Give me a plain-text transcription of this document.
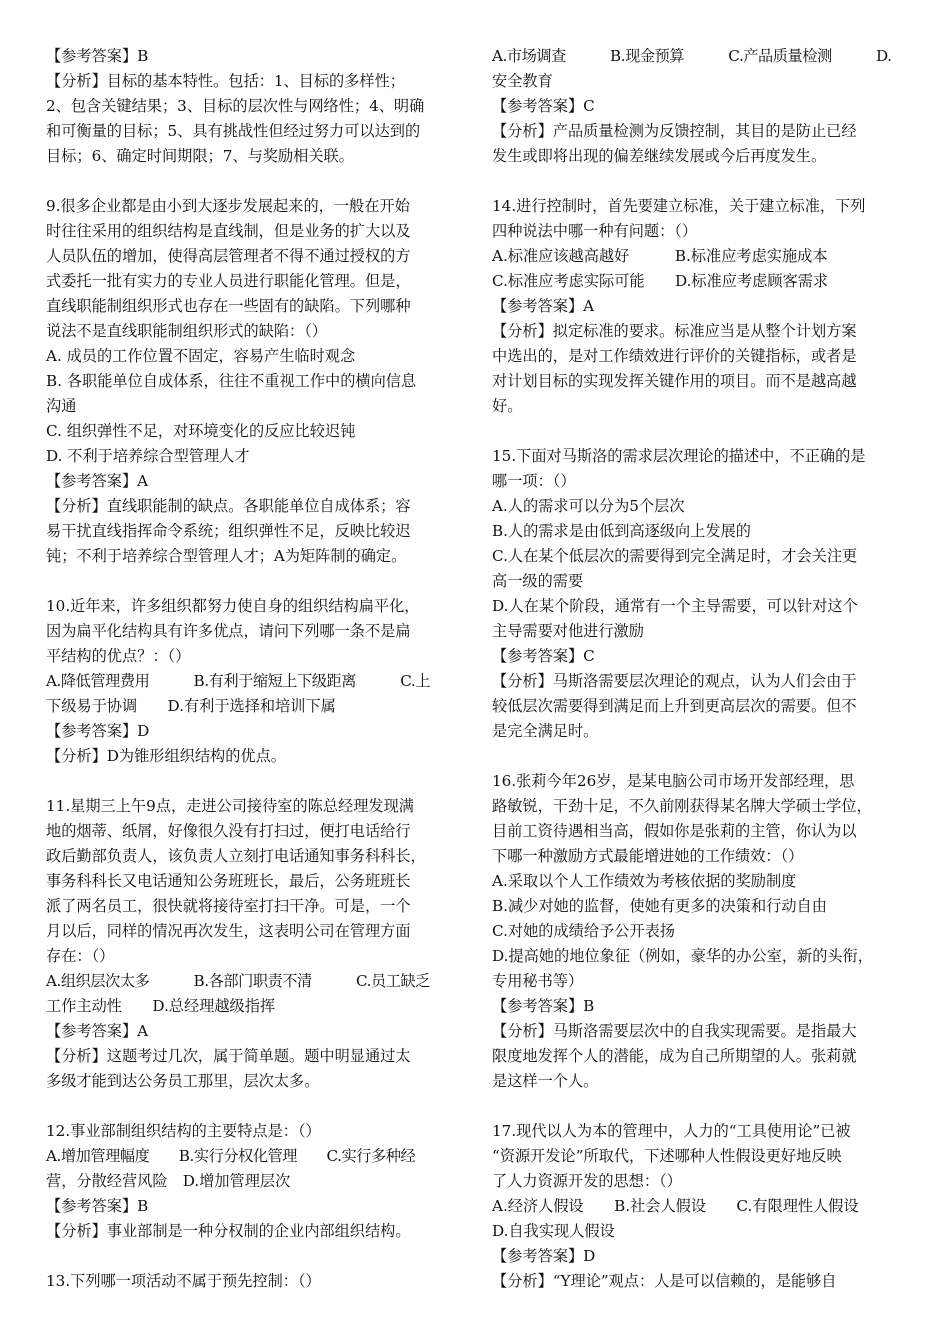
【参考答案】B
【分析】目标的基本特性。包括：1、目标的多样性；
2、包含关键结果；3、目标的层次性与网络性；4、明确
和可衡量的目标；5、具有挑战性但经过努力可以达到的
目标；6、确定时间期限；7、与奖励相关联。
9.很多企业都是由小到大逐步发展起来的，一般在开始
时往往采用的组织结构是直线制，但是业务的扩大以及
人员队伍的增加，使得高层管理者不得不通过授权的方
式委托一批有实力的专业人员进行职能化管理。但是，
直线职能制组织形式也存在一些固有的缺陷。下列哪种
说法不是直线职能制组织形式的缺陷：（）
A. 成员的工作位置不固定，容易产生临时观念
B. 各职能单位自成体系，往往不重视工作中的横向信息
沟通
C. 组织弹性不足，对环境变化的反应比较迟钝
D. 不利于培养综合型管理人才
【参考答案】A
【分析】直线职能制的缺点。各职能单位自成体系；容
易干扰直线指挥命令系统；组织弹性不足，反映比较迟
钝；不利于培养综合型管理人才；A为矩阵制的确定。
10.近年来，许多组织都努力使自身的组织结构扁平化，
因为扁平化结构具有许多优点，请问下列哪一条不是扁
平结构的优点？：（）
A.降低管理费用　　　B.有利于缩短上下级距离　　　C.上
下级易于协调　　D.有利于选择和培训下属
【参考答案】D
【分析】D为锥形组织结构的优点。
11.星期三上午9点，走进公司接待室的陈总经理发现满
地的烟蒂、纸屑，好像很久没有打扫过，便打电话给行
政后勤部负责人，该负责人立刻打电话通知事务科科长，
事务科科长又电话通知公务班班长，最后，公务班班长
派了两名员工，很快就将接待室打扫干净。可是，一个
月以后，同样的情况再次发生，这表明公司在管理方面
存在：（）
A.组织层次太多　　　B.各部门职责不清　　　C.员工缺乏
工作主动性　　D.总经理越级指挥
【参考答案】A
【分析】这题考过几次，属于简单题。题中明显通过太
多级才能到达公务员工那里，层次太多。
12.事业部制组织结构的主要特点是：（）
A.增加管理幅度　　B.实行分权化管理　　C.实行多种经
营，分散经营风险　D.增加管理层次
【参考答案】B
【分析】事业部制是一种分权制的企业内部组织结构。
13.下列哪一项活动不属于预先控制：（）
A.市场调查　　　B.现金预算　　　C.产品质量检测　　　D.
安全教育
【参考答案】C
【分析】产品质量检测为反馈控制，其目的是防止已经
发生或即将出现的偏差继续发展或今后再度发生。
14.进行控制时，首先要建立标准，关于建立标准，下列
四种说法中哪一种有问题：（）
A.标准应该越高越好　　　B.标准应考虑实施成本
C.标准应考虑实际可能　　D.标准应考虑顾客需求
【参考答案】A
【分析】拟定标准的要求。标准应当是从整个计划方案
中选出的，是对工作绩效进行评价的关键指标，或者是
对计划目标的实现发挥关键作用的项目。而不是越高越
好。
15.下面对马斯洛的需求层次理论的描述中，不正确的是
哪一项：（）
A.人的需求可以分为5个层次
B.人的需求是由低到高逐级向上发展的
C.人在某个低层次的需要得到完全满足时，才会关注更
高一级的需要
D.人在某个阶段，通常有一个主导需要，可以针对这个
主导需要对他进行激励
【参考答案】C
【分析】马斯洛需要层次理论的观点，认为人们会由于
较低层次需要得到满足而上升到更高层次的需要。但不
是完全满足时。
16.张莉今年26岁，是某电脑公司市场开发部经理，思
路敏锐，干劲十足，不久前刚获得某名牌大学硕士学位，
目前工资待遇相当高，假如你是张莉的主管，你认为以
下哪一种激励方式最能增进她的工作绩效：（）
A.采取以个人工作绩效为考核依据的奖励制度
B.减少对她的监督，使她有更多的决策和行动自由
C.对她的成绩给予公开表扬
D.提高她的地位象征（例如，豪华的办公室，新的头衔，
专用秘书等）
【参考答案】B
【分析】马斯洛需要层次中的自我实现需要。是指最大
限度地发挥个人的潜能，成为自己所期望的人。张莉就
是这样一个人。
17.现代以人为本的管理中，人力的“工具使用论”已被
“资源开发论”所取代，下述哪种人性假设更好地反映
了人力资源开发的思想：（）
A.经济人假设　　B.社会人假设　　C.有限理性人假设
D.自我实现人假设
【参考答案】D
【分析】“Y理论”观点：人是可以信赖的，是能够自
